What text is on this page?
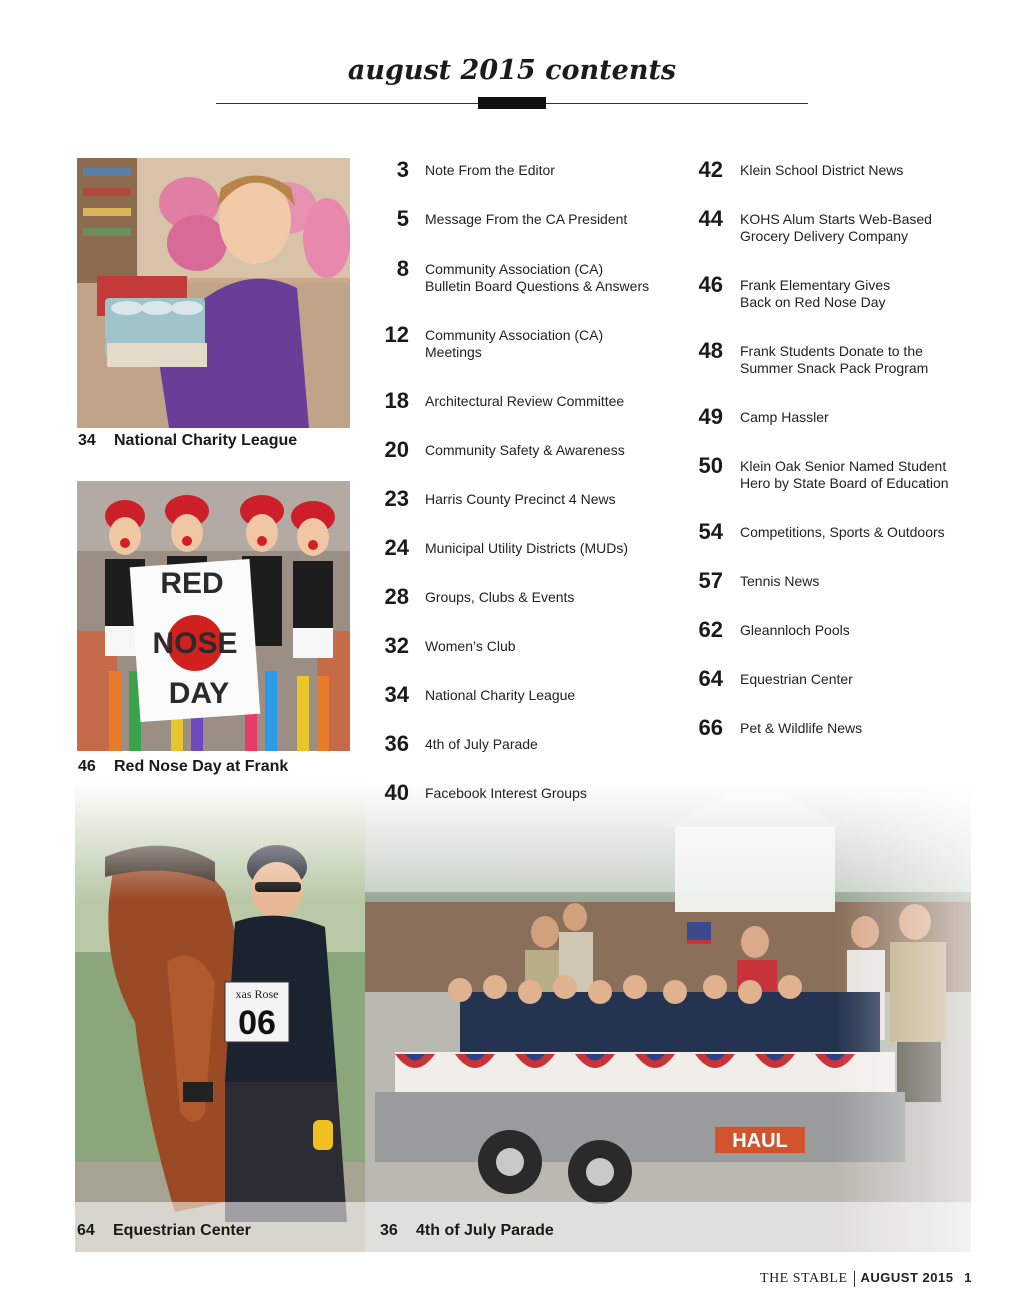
august 2015 contents
34 National Charity League
RED
NOSE
DAY
46 Red Nose Day at Frank
64 Equestrian Center	36 4th of July Parade
3 Note From the Editor
5 Message From the CA President
8 Community Association (CA)
Bulletin Board Questions & Answers
12 Community Association (CA)
Meetings
18 Architectural Review Committee
20 Community Safety & Awareness
23 Harris County Precinct 4 News
24 Municipal Utility Districts (MUDs)
28 Groups, Clubs & Events
32 Women’s Club
34 National Charity League
36 4th of July Parade
40 Facebook Interest Groups
42 Klein School District News
44 KOHS Alum Starts Web-Based
Grocery Delivery Company
46 Frank Elementary Gives
Back on Red Nose Day
48 Frank Students Donate to the
Summer Snack Pack Program
49 Camp Hassler
50 Klein Oak Senior Named Student
Hero by State Board of Education
54 Competitions, Sports & Outdoors
57 Tennis News
62 Gleannloch Pools
64 Equestrian Center
66 Pet & Wildlife News
THE STABLE AUGUST 2015 1
